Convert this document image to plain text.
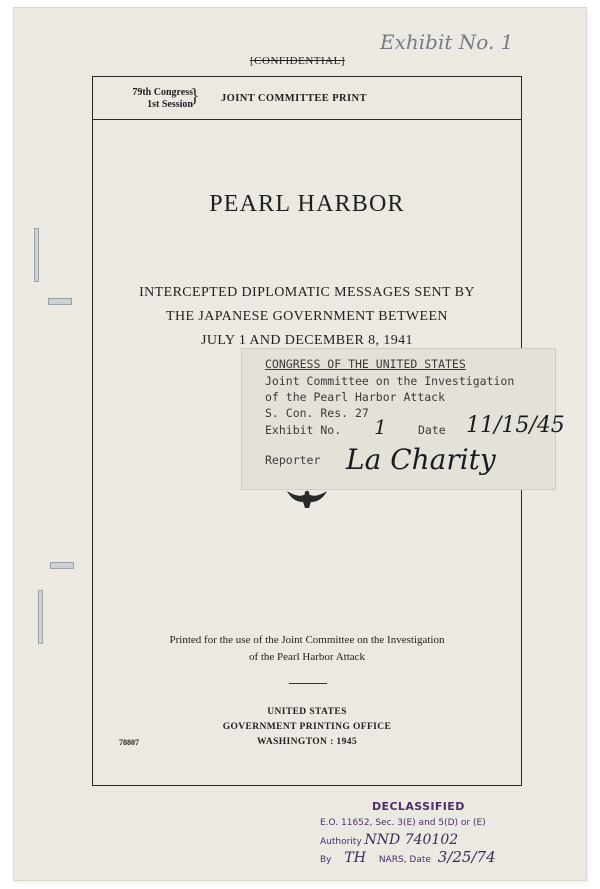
[CONFIDENTIAL]
Exhibit No. 1
79th Congress
1st Session
} JOINT COMMITTEE PRINT
PEARL HARBOR
INTERCEPTED DIPLOMATIC MESSAGES SENT BY
THE JAPANESE GOVERNMENT BETWEEN
JULY 1 AND DECEMBER 8, 1941
Printed for the use of the Joint Committee on the Investigation
of the Pearl Harbor Attack
UNITED STATES
GOVERNMENT PRINTING OFFICE
WASHINGTON : 1945
78807
CONGRESS OF THE UNITED STATES
Joint Committee on the Investigation
of the Pearl Harbor Attack
S. Con. Res. 27
Exhibit No. 1	Date 11/15/45
Reporter La Charity
DECLASSIFIED
E.O. 11652, Sec. 3(E) and 5(D) or (E)
Authority NND 740102
By TH NARS, Date 3/25/74
